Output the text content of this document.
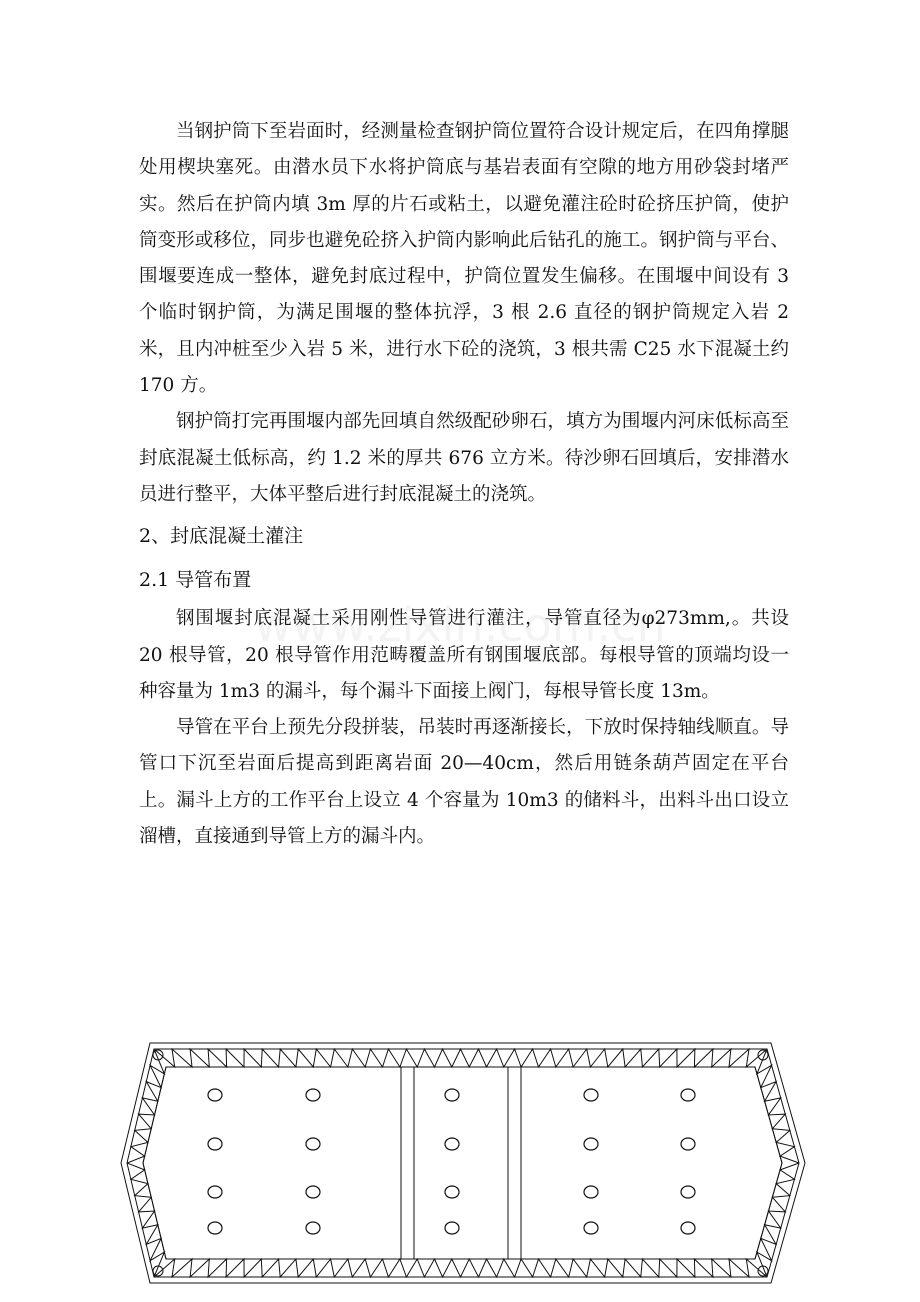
当钢护筒下至岩面时，经测量检查钢护筒位置符合设计规定后，在四角撑腿处用楔块塞死。由潜水员下水将护筒底与基岩表面有空隙的地方用砂袋封堵严实。然后在护筒内填 3m 厚的片石或粘土，以避免灌注砼时砼挤压护筒，使护筒变形或移位，同步也避免砼挤入护筒内影响此后钻孔的施工。钢护筒与平台、围堰要连成一整体，避免封底过程中，护筒位置发生偏移。在围堰中间设有 3 个临时钢护筒，为满足围堰的整体抗浮，3 根 2.6 直径的钢护筒规定入岩 2 米，且内冲桩至少入岩 5 米，进行水下砼的浇筑，3 根共需 C25 水下混凝土约 170 方。

钢护筒打完再围堰内部先回填自然级配砂卵石，填方为围堰内河床低标高至封底混凝土低标高，约 1.2 米的厚共 676 立方米。待沙卵石回填后，安排潜水员进行整平，大体平整后进行封底混凝土的浇筑。

2、封底混凝土灌注

2.1 导管布置

钢围堰封底混凝土采用刚性导管进行灌注，导管直径为φ273mm,。共设 20 根导管，20 根导管作用范畴覆盖所有钢围堰底部。每根导管的顶端均设一种容量为 1m3 的漏斗，每个漏斗下面接上阀门，每根导管长度 13m。

导管在平台上预先分段拼装，吊装时再逐渐接长，下放时保持轴线顺直。导管口下沉至岩面后提高到距离岩面 20—40cm，然后用链条葫芦固定在平台上。漏斗上方的工作平台上设立 4 个容量为 10m3 的储料斗，出料斗出口设立溜槽，直接通到导管上方的漏斗内。
